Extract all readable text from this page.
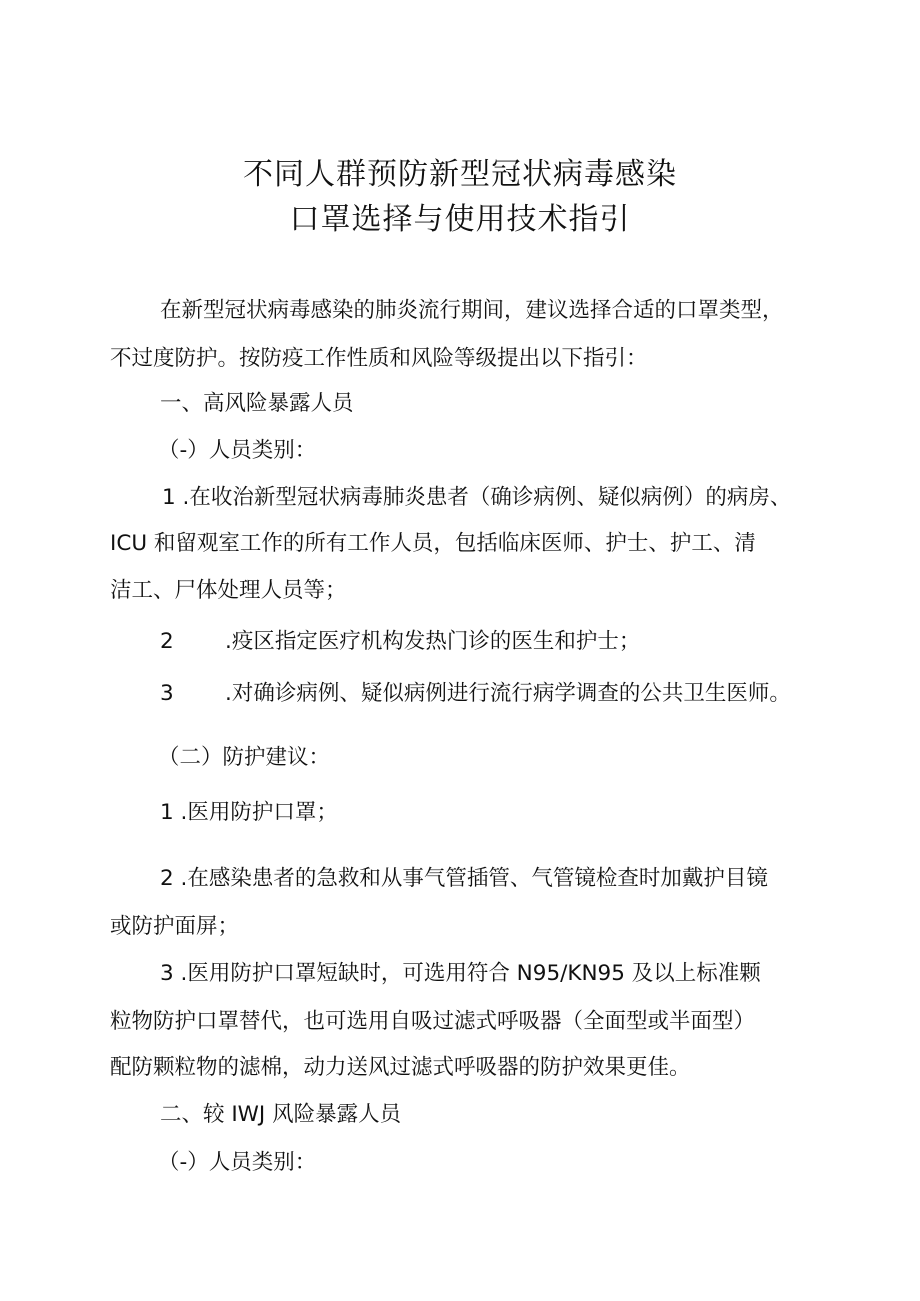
不同人群预防新型冠状病毒感染
口罩选择与使用技术指引
在新型冠状病毒感染的肺炎流行期间，建议选择合适的口罩类型，
不过度防护。按防疫工作性质和风险等级提出以下指引：
一、高风险暴露人员
（-）人员类别：
1 .在收治新型冠状病毒肺炎患者（确诊病例、疑似病例）的病房、
ICU 和留观室工作的所有工作人员，包括临床医师、护士、护工、清
洁工、尸体处理人员等；
2 .疫区指定医疗机构发热门诊的医生和护士；
3 .对确诊病例、疑似病例进行流行病学调查的公共卫生医师。
（二）防护建议：
1 .医用防护口罩；
2 .在感染患者的急救和从事气管插管、气管镜检查时加戴护目镜
或防护面屏；
3 .医用防护口罩短缺时，可选用符合 N95/KN95 及以上标准颗
粒物防护口罩替代，也可选用自吸过滤式呼吸器（全面型或半面型）
配防颗粒物的滤棉，动力送风过滤式呼吸器的防护效果更佳。
二、较 IWJ 风险暴露人员
（-）人员类别：
